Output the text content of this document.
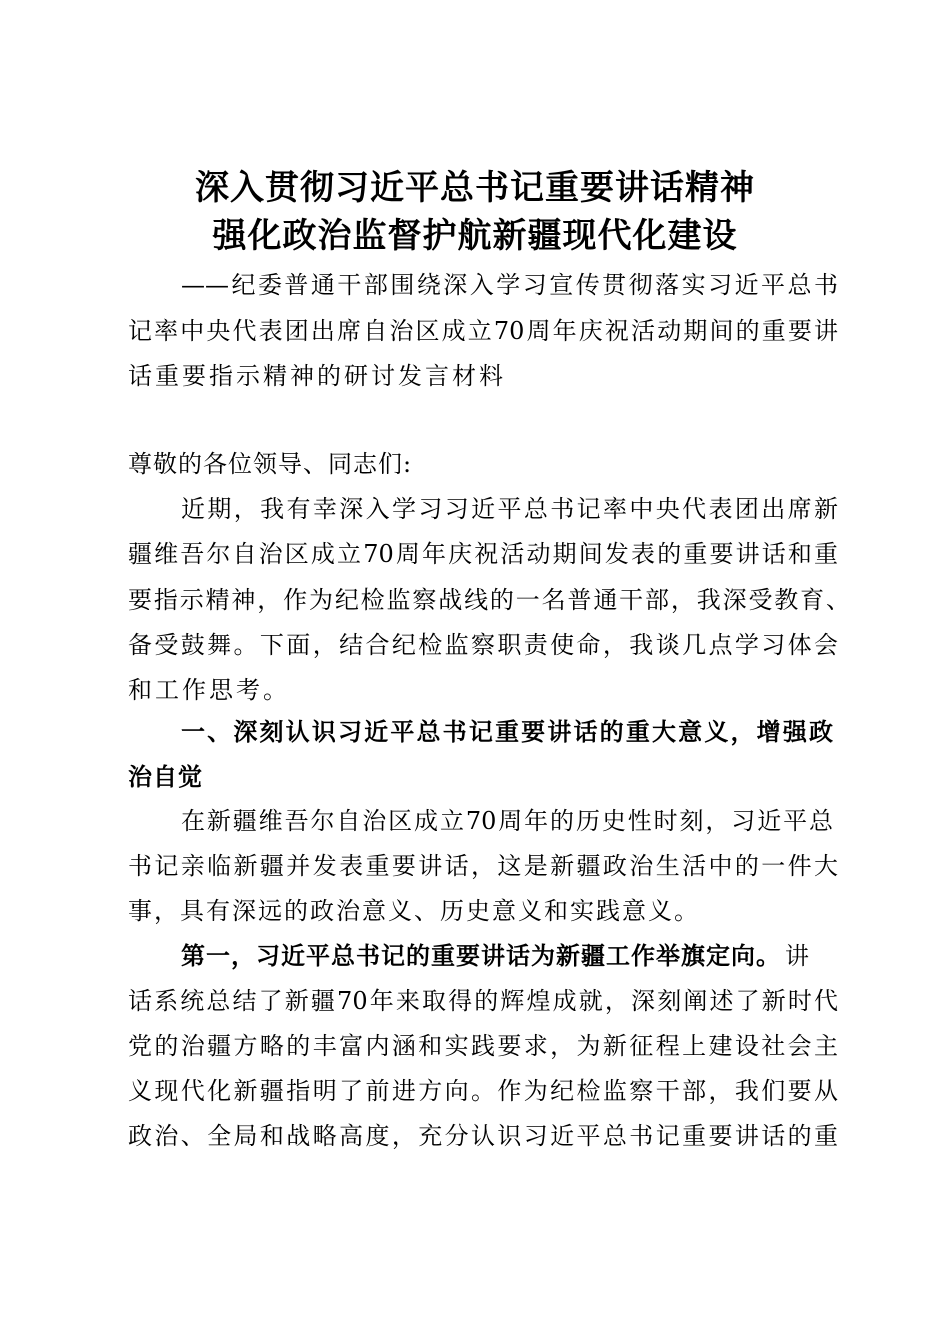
深入贯彻习近平总书记重要讲话精神
强化政治监督护航新疆现代化建设
——纪委普通干部围绕深入学习宣传贯彻落实习近平总书
记率中央代表团出席自治区成立70周年庆祝活动期间的重要讲
话重要指示精神的研讨发言材料
尊敬的各位领导、同志们:
近期，我有幸深入学习习近平总书记率中央代表团出席新
疆维吾尔自治区成立70周年庆祝活动期间发表的重要讲话和重
要指示精神，作为纪检监察战线的一名普通干部，我深受教育、
备受鼓舞。下面，结合纪检监察职责使命，我谈几点学习体会
和工作思考。
一、深刻认识习近平总书记重要讲话的重大意义，增强政
治自觉
在新疆维吾尔自治区成立70周年的历史性时刻，习近平总
书记亲临新疆并发表重要讲话，这是新疆政治生活中的一件大
事，具有深远的政治意义、历史意义和实践意义。
第一，习近平总书记的重要讲话为新疆工作举旗定向。 讲
话系统总结了新疆70年来取得的辉煌成就，深刻阐述了新时代
党的治疆方略的丰富内涵和实践要求，为新征程上建设社会主
义现代化新疆指明了前进方向。作为纪检监察干部，我们要从
政治、全局和战略高度，充分认识习近平总书记重要讲话的重
